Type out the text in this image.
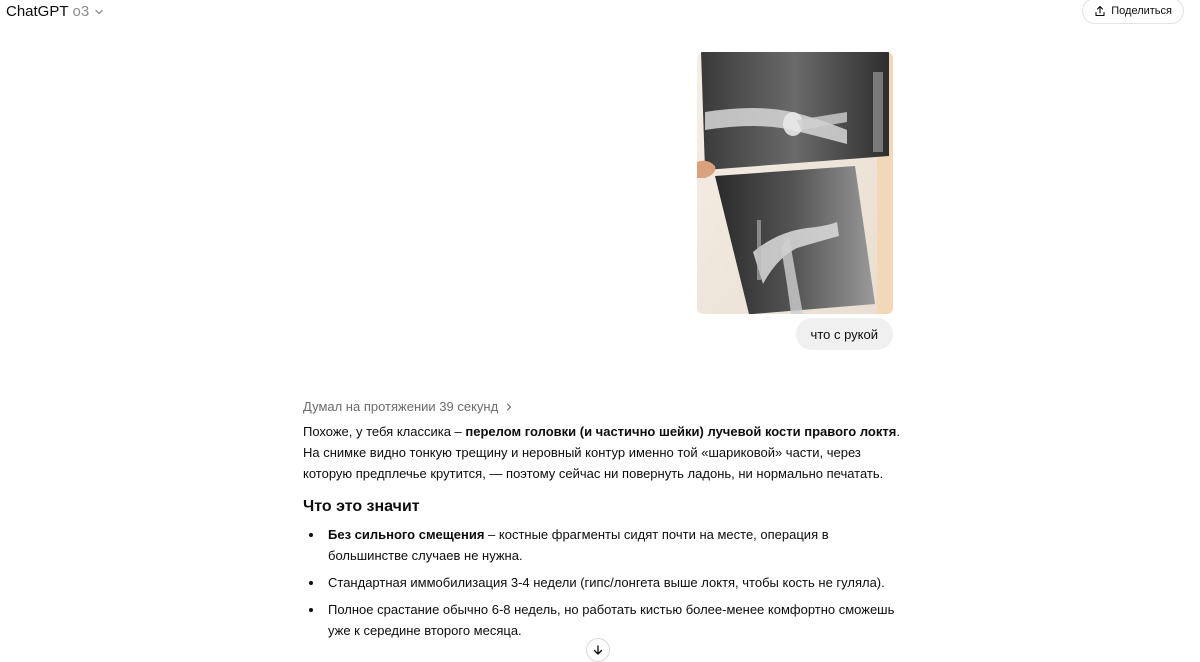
ChatGPT o3	Поделиться
что с рукой
Думал на протяжении 39 секунд

Похоже, у тебя классика – перелом головки (и частично шейки) лучевой кости правого локтя.

На снимке видно тонкую трещину и неровный контур именно той «шариковой» части, через которую предплечье крутится, — поэтому сейчас ни повернуть ладонь, ни нормально печатать.

Что это значит
Без сильного смещения – костные фрагменты сидят почти на месте, операция в большинстве случаев не нужна.
Стандартная иммобилизация 3‑4 недели (гипс/лонгета выше локтя, чтобы кость не гуляла).
Полное срастание обычно 6‑8 недель, но работать кистью более‑менее комфортно сможешь уже к середине второго месяца.
